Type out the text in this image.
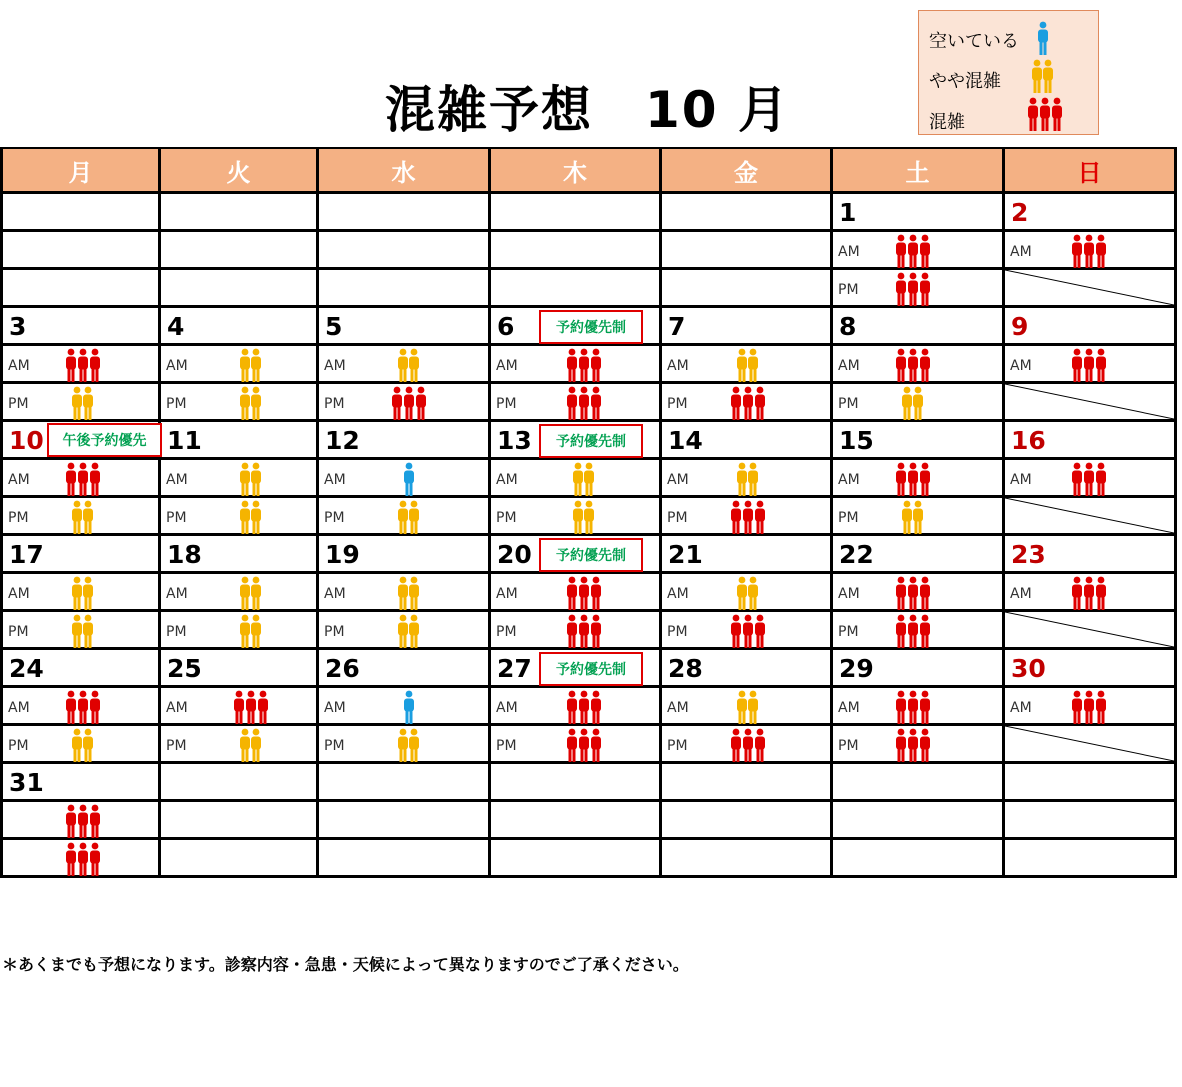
混雑予想　10 月
空いている
やや混雑
混雑
月	火	水	木	金	土	日

					1	2

					AM	AM

					PM

3	4	5	6 予約優先制	7	8	9

AM	AM	AM	AM	AM	AM	AM

PM	PM	PM	PM	PM	PM

10 午後予約優先	11	12	13 予約優先制	14	15	16

AM	AM	AM	AM	AM	AM	AM

PM	PM	PM	PM	PM	PM

17	18	19	20 予約優先制	21	22	23

AM	AM	AM	AM	AM	AM	AM

PM	PM	PM	PM	PM	PM

24	25	26	27 予約優先制	28	29	30

AM	AM	AM	AM	AM	AM	AM

PM	PM	PM	PM	PM	PM

31						

＊あくまでも予想になります。診察内容・急患・天候によって異なりますのでご了承ください。
